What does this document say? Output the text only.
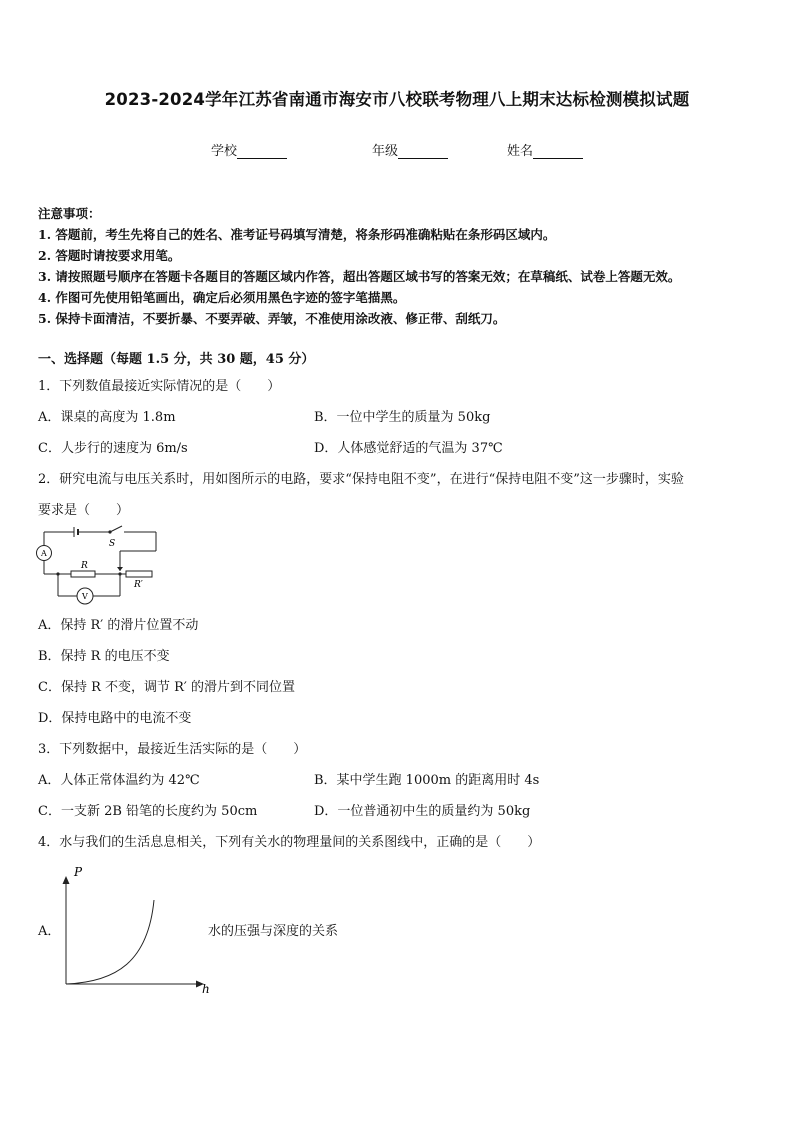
2023-2024学年江苏省南通市海安市八校联考物理八上期末达标检测模拟试题
学校	年级	姓名

注意事项：

1. 答题前，考生先将自己的姓名、准考证号码填写清楚，将条形码准确粘贴在条形码区域内。

2. 答题时请按要求用笔。

3. 请按照题号顺序在答题卡各题目的答题区域内作答，超出答题区域书写的答案无效；在草稿纸、试卷上答题无效。

4. 作图可先使用铅笔画出，确定后必须用黑色字迹的签字笔描黑。

5. 保持卡面清洁，不要折暴、不要弄破、弄皱，不准使用涂改液、修正带、刮纸刀。

一、选择题（每题 1.5 分，共 30 题，45 分）
1．下列数值最接近实际情况的是（　　）
A．课桌的高度为 1.8m	B．一位中学生的质量为 50kg
C．人步行的速度为 6m/s	D．人体感觉舒适的气温为 37℃
2．研究电流与电压关系时，用如图所示的电路，要求“保持电阻不变”，在进行“保持电阻不变”这一步骤时，实验
要求是（　　）
S
A
R
R′
V
A．保持 R′ 的滑片位置不动
B．保持 R 的电压不变
C．保持 R 不变，调节 R′ 的滑片到不同位置
D．保持电路中的电流不变
3．下列数据中，最接近生活实际的是（　　）
A．人体正常体温约为 42℃	B．某中学生跑 1000m 的距离用时 4s
C．一支新 2B 铅笔的长度约为 50cm	D．一位普通初中生的质量约为 50kg
4．水与我们的生活息息相关，下列有关水的物理量间的关系图线中，正确的是（　　）
A．
P
h
水的压强与深度的关系
